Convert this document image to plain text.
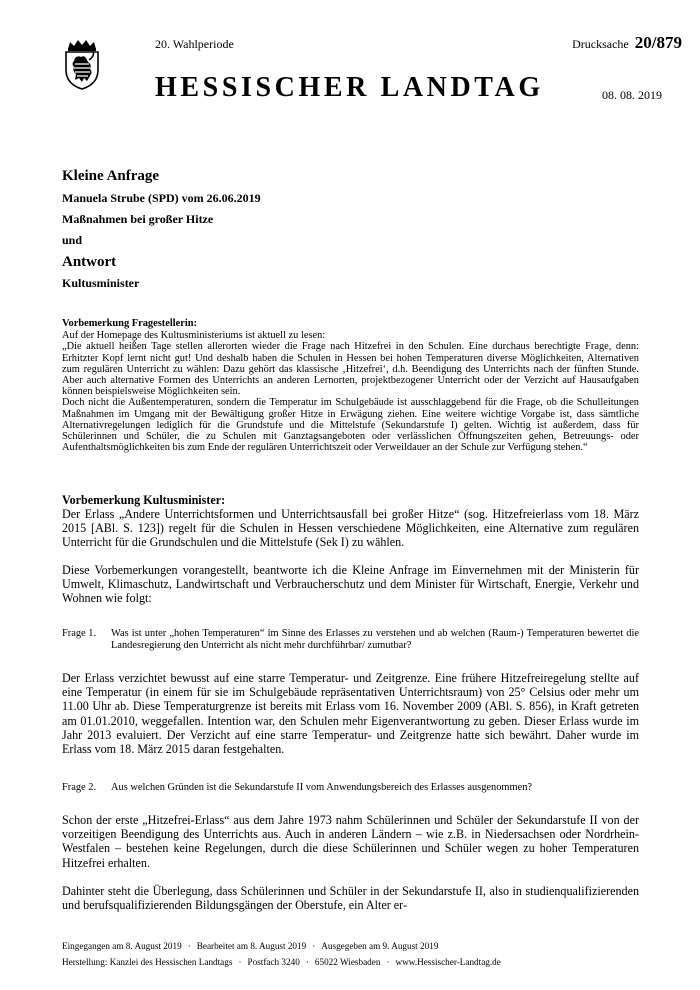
20. Wahlperiode	Drucksache 20/879
HESSISCHER LANDTAG	08. 08. 2019
Kleine Anfrage
Manuela Strube (SPD) vom 26.06.2019
Maßnahmen bei großer Hitze
und
Antwort
Kultusminister
Vorbemerkung Fragestellerin:

Auf der Homepage des Kultusministeriums ist aktuell zu lesen:

„Die aktuell heißen Tage stellen allerorten wieder die Frage nach Hitzefrei in den Schulen. Eine durchaus berechtigte Frage, denn: Erhitzter Kopf lernt nicht gut! Und deshalb haben die Schulen in Hessen bei hohen Temperaturen diverse Möglichkeiten, Alternativen zum regulären Unterricht zu wählen: Dazu gehört das klassische ‚Hitzefrei‘, d.h. Beendigung des Unterrichts nach der fünften Stunde. Aber auch alternative Formen des Unterrichts an anderen Lernorten, projektbezogener Unterricht oder der Verzicht auf Hausaufgaben können beispielsweise Möglichkeiten sein.

Doch nicht die Außentemperaturen, sondern die Temperatur im Schulgebäude ist ausschlaggebend für die Frage, ob die Schulleitungen Maßnahmen im Umgang mit der Bewältigung großer Hitze in Erwägung ziehen. Eine weitere wichtige Vorgabe ist, dass sämtliche Alternativregelungen lediglich für die Grundstufe und die Mittelstufe (Sekundarstufe I) gelten. Wichtig ist außerdem, dass für Schülerinnen und Schüler, die zu Schulen mit Ganztagsangeboten oder verlässlichen Öffnungszeiten gehen, Betreuungs- oder Aufenthaltsmöglichkeiten bis zum Ende der regulären Unterrichtszeit oder Verweildauer an der Schule zur Verfügung stehen.“

Vorbemerkung Kultusminister:

Der Erlass „Andere Unterrichtsformen und Unterrichtsausfall bei großer Hitze“ (sog. Hitzefreierlass vom 18. März 2015 [ABl. S. 123]) regelt für die Schulen in Hessen verschiedene Möglichkeiten, eine Alternative zum regulären Unterricht für die Grundschulen und die Mittelstufe (Sek I) zu wählen.

Diese Vorbemerkungen vorangestellt, beantworte ich die Kleine Anfrage im Einvernehmen mit der Ministerin für Umwelt, Klimaschutz, Landwirtschaft und Verbraucherschutz und dem Minister für Wirtschaft, Energie, Verkehr und Wohnen wie folgt:

Frage 1. Was ist unter „hohen Temperaturen“ im Sinne des Erlasses zu verstehen und ab welchen (Raum-) Temperaturen bewertet die Landesregierung den Unterricht als nicht mehr durchführbar/ zumutbar?

Der Erlass verzichtet bewusst auf eine starre Temperatur- und Zeitgrenze. Eine frühere Hitzefreiregelung stellte auf eine Temperatur (in einem für sie im Schulgebäude repräsentativen Unterrichtsraum) von 25° Celsius oder mehr um 11.00 Uhr ab. Diese Temperaturgrenze ist bereits mit Erlass vom 16. November 2009 (ABl. S. 856), in Kraft getreten am 01.01.2010, weggefallen. Intention war, den Schulen mehr Eigenverantwortung zu geben. Dieser Erlass wurde im Jahr 2013 evaluiert. Der Verzicht auf eine starre Temperatur- und Zeitgrenze hatte sich bewährt. Daher wurde im Erlass vom 18. März 2015 daran festgehalten.

Frage 2. Aus welchen Gründen ist die Sekundarstufe II vom Anwendungsbereich des Erlasses ausgenommen?

Schon der erste „Hitzefrei-Erlass“ aus dem Jahre 1973 nahm Schülerinnen und Schüler der Sekundarstufe II von der vorzeitigen Beendigung des Unterrichts aus. Auch in anderen Ländern – wie z.B. in Niedersachsen oder Nordrhein-Westfalen – bestehen keine Regelungen, durch die diese Schülerinnen und Schüler wegen zu hoher Temperaturen Hitzefrei erhalten.

Dahinter steht die Überlegung, dass Schülerinnen und Schüler in der Sekundarstufe II, also in studienqualifizierenden und berufsqualifizierenden Bildungsgängen der Oberstufe, ein Alter er-

Eingegangen am 8. August 2019 · Bearbeitet am 8. August 2019 · Ausgegeben am 9. August 2019
Herstellung: Kanzlei des Hessischen Landtags · Postfach 3240 · 65022 Wiesbaden · www.Hessischer-Landtag.de
